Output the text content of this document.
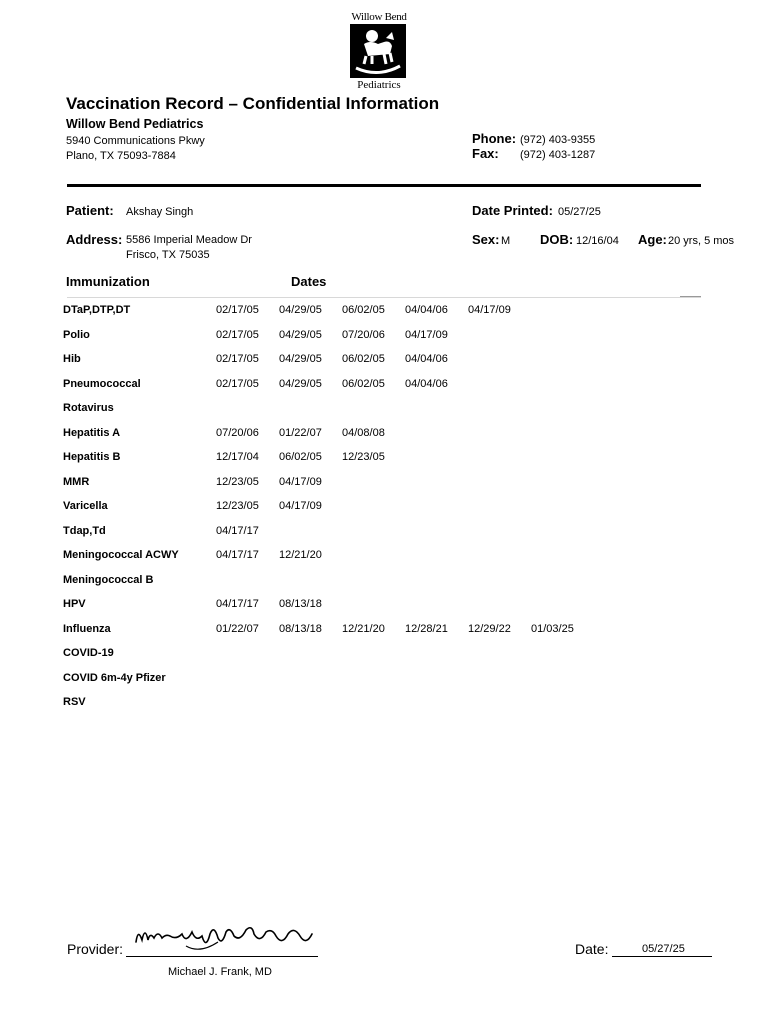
Willow Bend
Pediatrics
Vaccination Record – Confidential Information
Willow Bend Pediatrics
5940 Communications Pkwy
Plano, TX 75093-7884
Phone: (972) 403-9355
Fax: (972) 403-1287
Patient: Akshay Singh	Date Printed: 05/27/25
Address: 5586 Imperial Meadow Dr
Frisco, TX 75035
Sex: M DOB: 12/16/04 Age: 20 yrs, 5 mos
Immunization	Dates
DTaP,DTP,DT	02/17/05 04/29/05 06/02/05 04/04/06 04/17/09
Polio	02/17/05 04/29/05 07/20/06 04/17/09
Hib	02/17/05 04/29/05 06/02/05 04/04/06
Pneumococcal	02/17/05 04/29/05 06/02/05 04/04/06
Rotavirus
Hepatitis A	07/20/06 01/22/07 04/08/08
Hepatitis B	12/17/04 06/02/05 12/23/05
MMR	12/23/05 04/17/09
Varicella	12/23/05 04/17/09
Tdap,Td	04/17/17
Meningococcal ACWY	04/17/17 12/21/20
Meningococcal B
HPV	04/17/17 08/13/18
Influenza	01/22/07 08/13/18 12/21/20 12/28/21 12/29/22 01/03/25
COVID-19
COVID 6m-4y Pfizer
RSV
Provider:
Michael J. Frank, MD
Date:	05/27/25
